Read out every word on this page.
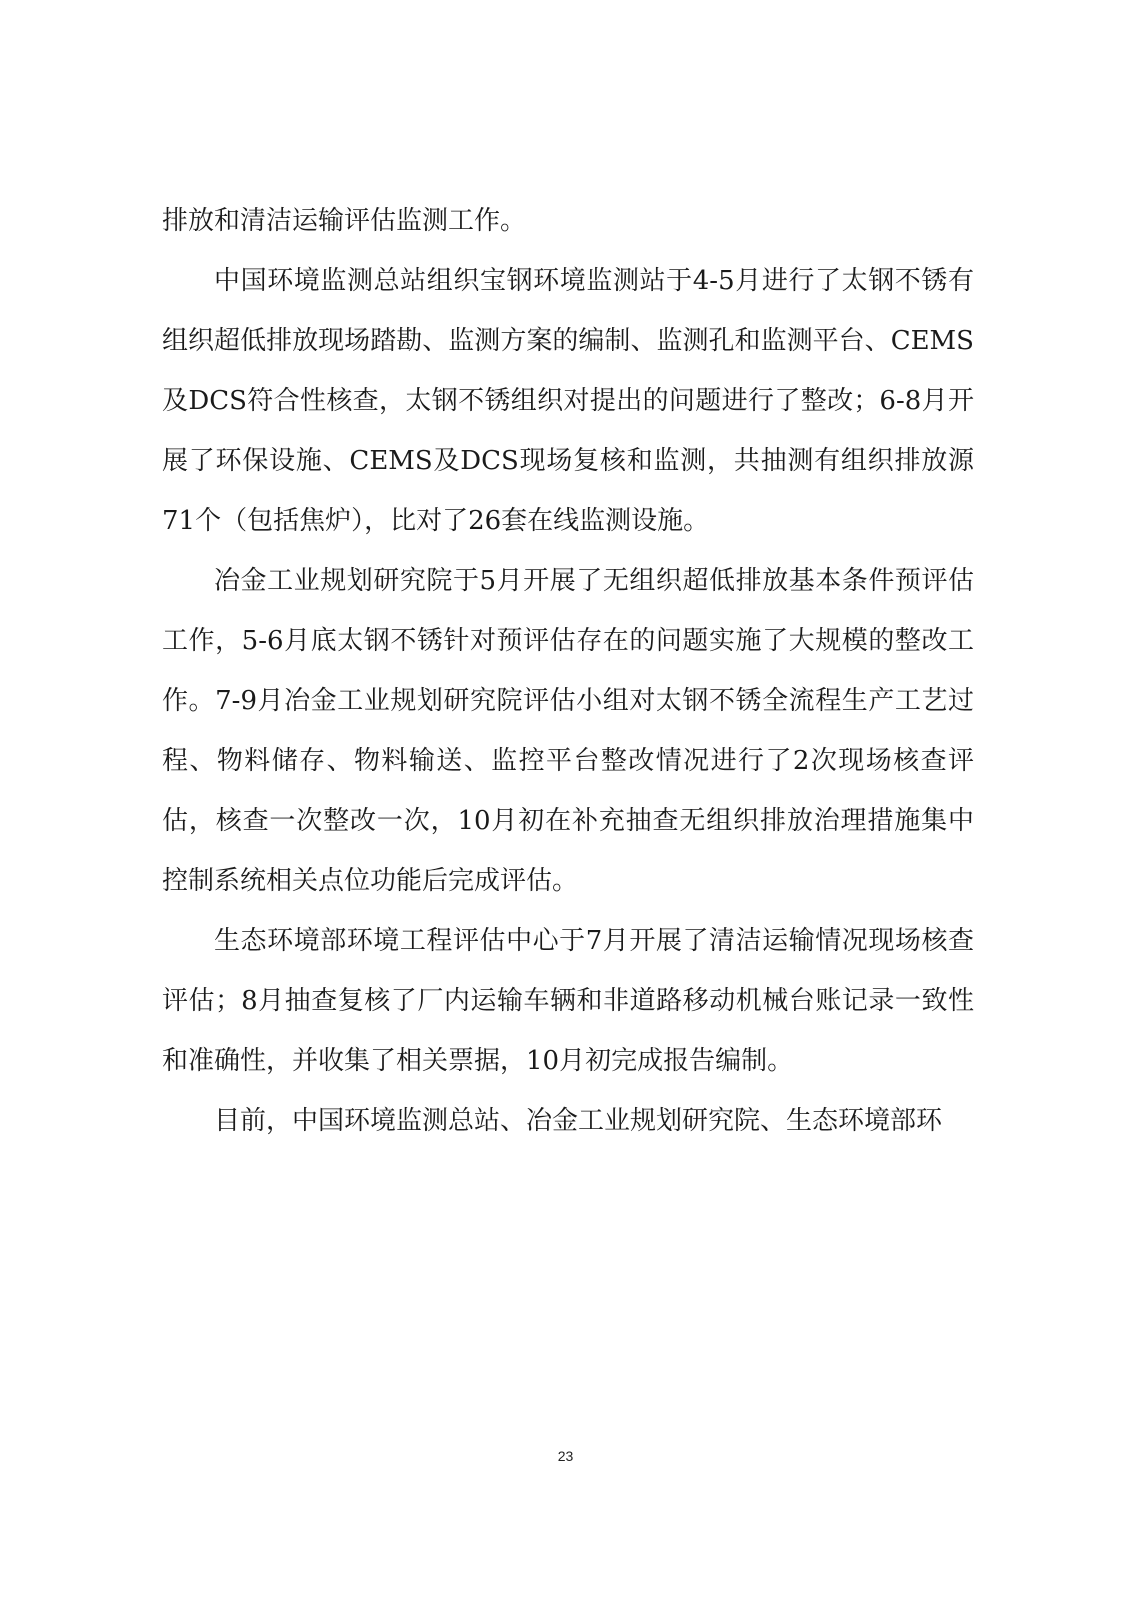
排放和清洁运输评估监测工作。

中国环境监测总站组织宝钢环境监测站于4-5月进行了太钢不锈有组织超低排放现场踏勘、监测方案的编制、监测孔和监测平台、CEMS及DCS符合性核查，太钢不锈组织对提出的问题进行了整改；6-8月开展了环保设施、CEMS及DCS现场复核和监测，共抽测有组织排放源71个（包括焦炉），比对了26套在线监测设施。

冶金工业规划研究院于5月开展了无组织超低排放基本条件预评估工作，5-6月底太钢不锈针对预评估存在的问题实施了大规模的整改工作。7-9月冶金工业规划研究院评估小组对太钢不锈全流程生产工艺过程、物料储存、物料输送、监控平台整改情况进行了2次现场核查评估，核查一次整改一次，10月初在补充抽查无组织排放治理措施集中控制系统相关点位功能后完成评估。

生态环境部环境工程评估中心于7月开展了清洁运输情况现场核查评估；8月抽查复核了厂内运输车辆和非道路移动机械台账记录一致性和准确性，并收集了相关票据，10月初完成报告编制。

目前，中国环境监测总站、冶金工业规划研究院、生态环境部环

23
